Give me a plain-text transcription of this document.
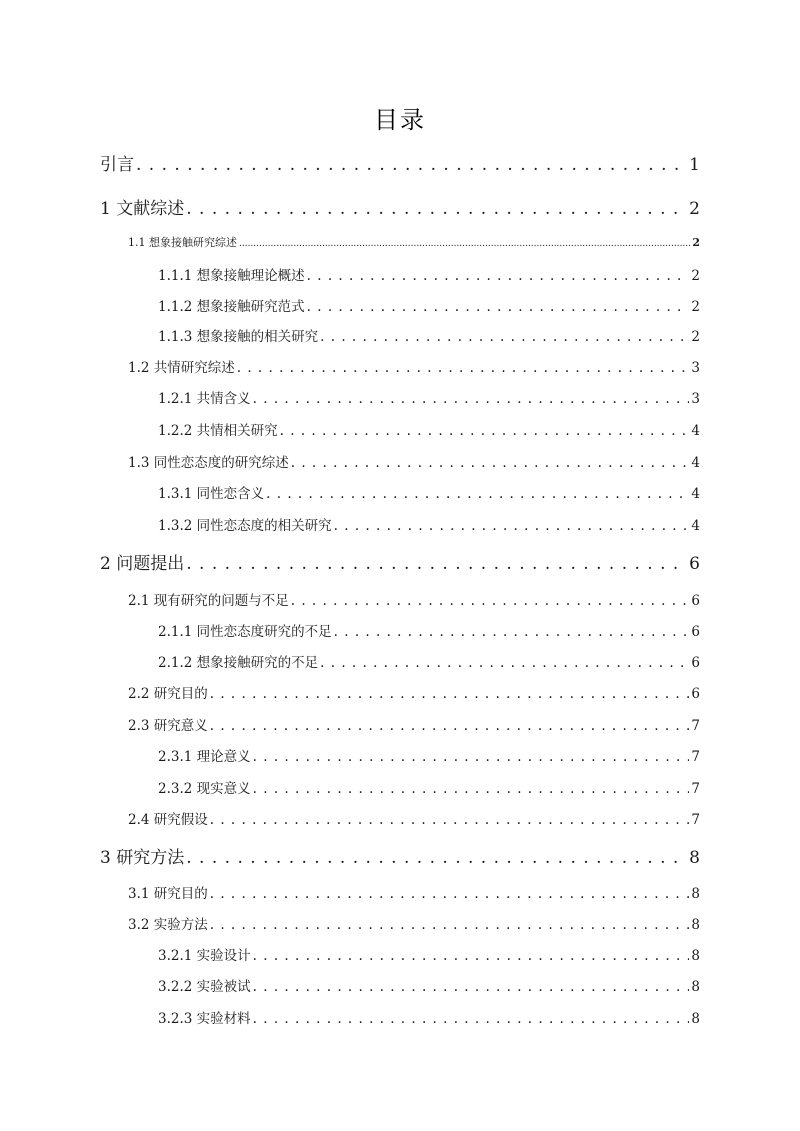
目录
引言 . . .	1
1 文献综述 . . .	2
1.1 想象接触研究综述 .....	2
1.1.1 想象接触理论概述 . . .	2
1.1.2 想象接触研究范式 . . .	2
1.1.3 想象接触的相关研究 . . .	2
1.2 共情研究综述 . . .	3
1.2.1 共情含义 . . .	3
1.2.2 共情相关研究 . . .	4
1.3 同性恋态度的研究综述 . . .	4
1.3.1 同性恋含义 . . .	4
1.3.2 同性恋态度的相关研究 . . .	4
2 问题提出 . . .	6
2.1 现有研究的问题与不足 . . .	6
2.1.1 同性恋态度研究的不足 . . .	6
2.1.2 想象接触研究的不足 . . .	6
2.2 研究目的 . . .	6
2.3 研究意义 . . .	7
2.3.1 理论意义 . . .	7
2.3.2 现实意义 . . .	7
2.4 研究假设 . . .	7
3 研究方法 . . .	8
3.1 研究目的 . . .	8
3.2 实验方法 . . .	8
3.2.1 实验设计 . . .	8
3.2.2 实验被试 . . .	8
3.2.3 实验材料 . . .	8
